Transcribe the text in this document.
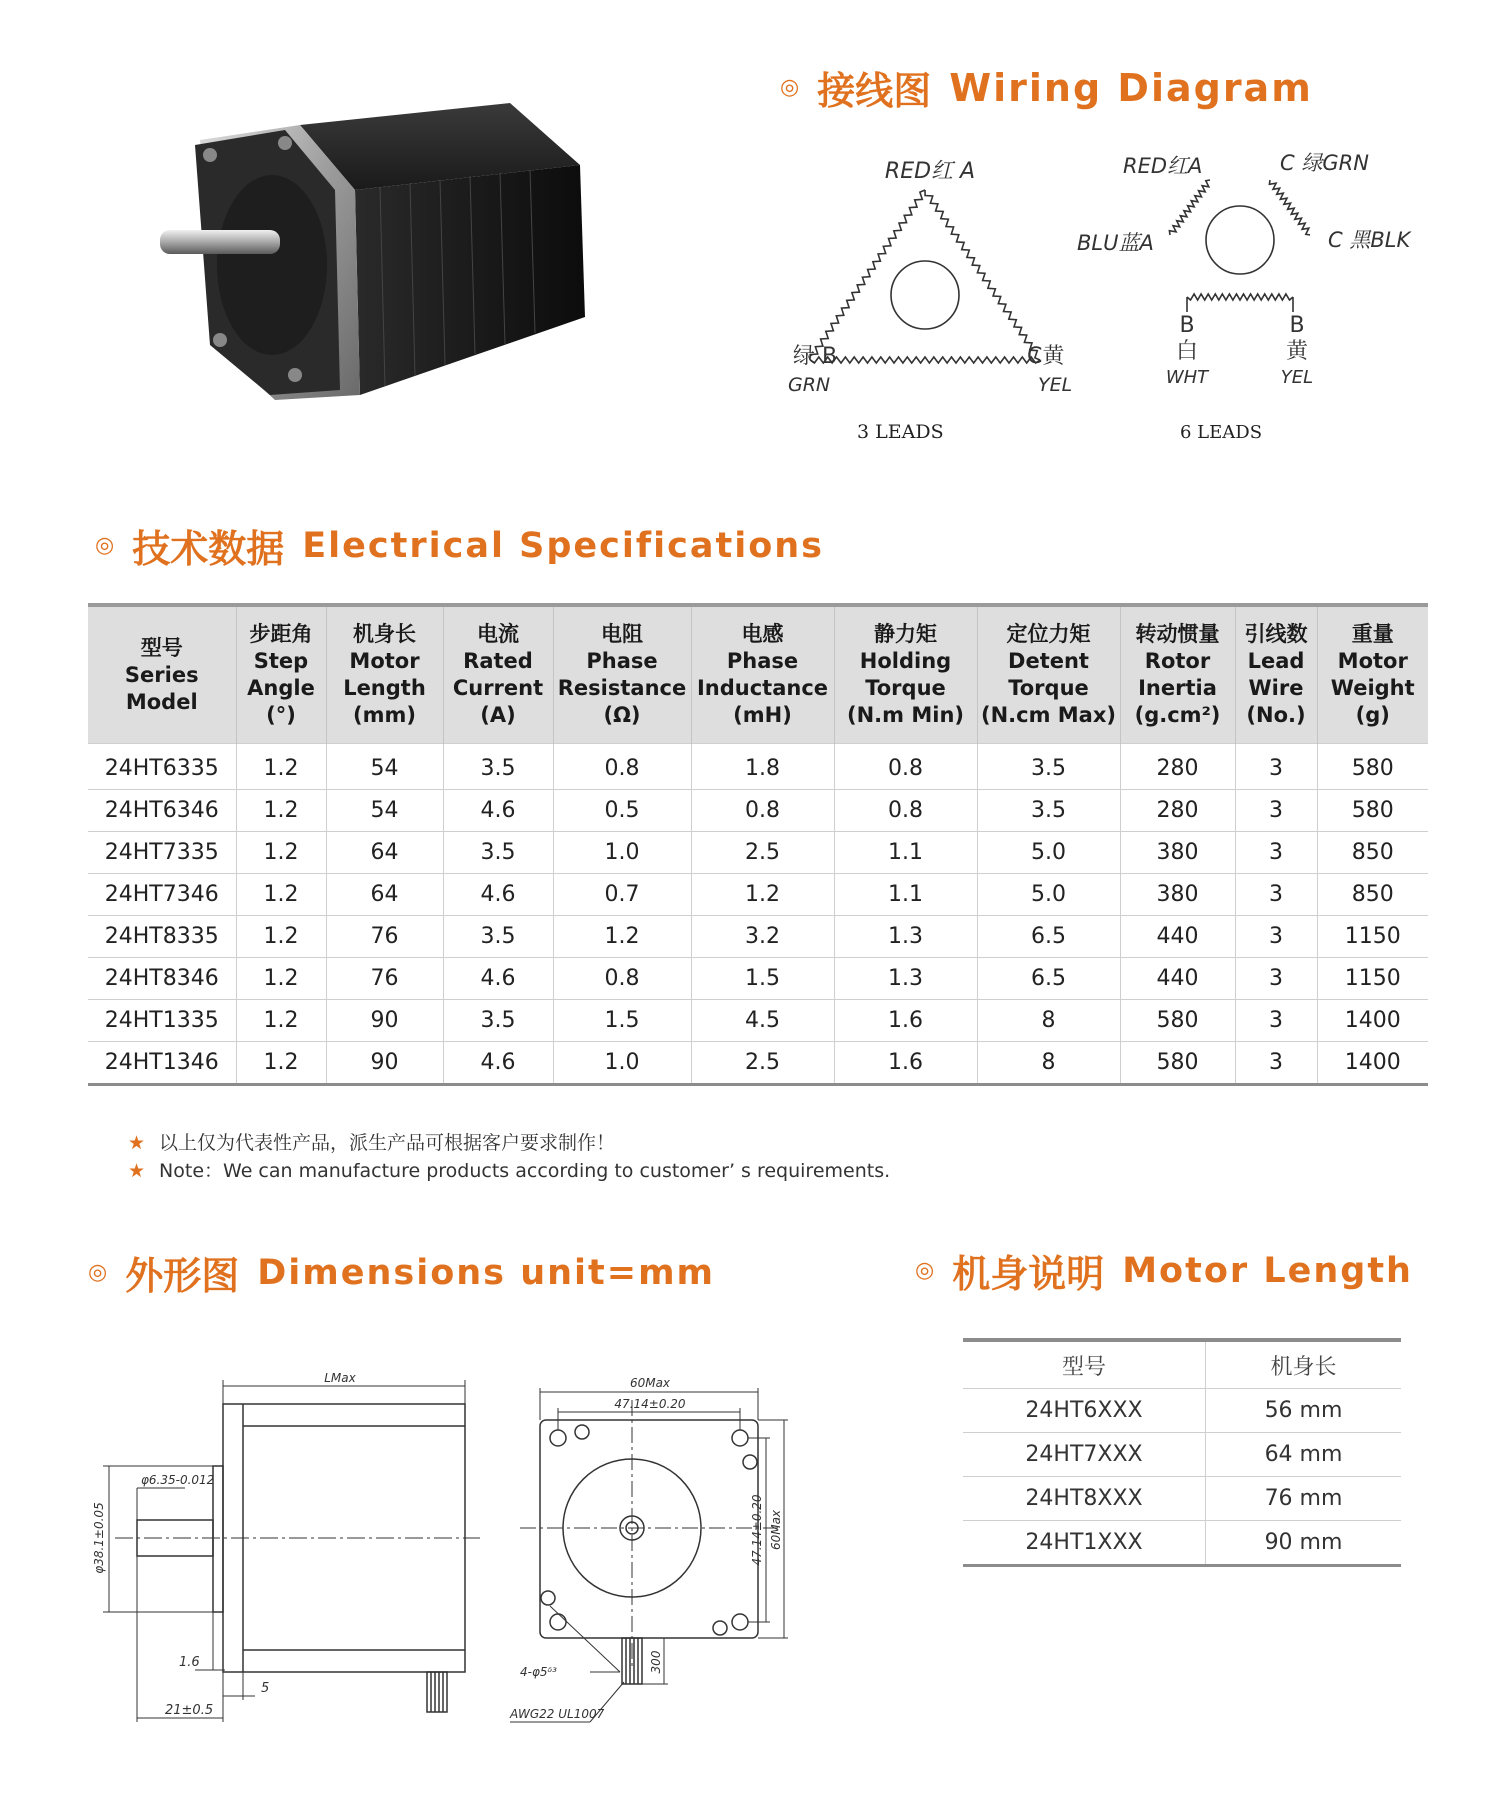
◎ 接线图 Wiring Diagram
RED红 A
绿 B
GRN
C黄
YEL
3 LEADS
RED红A	C 绿GRN
BLU蓝A	C 黑BLK
B
白
WHT
B
黄
YEL
6 LEADS
◎ 技术数据 Electrical Specifications
型号
Series
Model	步距角
Step
Angle
(°)	机身长
Motor
Length
(mm)	电流
Rated
Current
(A)	电阻
Phase
Resistance
(Ω)	电感
Phase
Inductance
(mH)	静力矩
Holding
Torque
(N.m Min)	定位力矩
Detent
Torque
(N.cm Max)	转动惯量
Rotor
Inertia
(g.cm²)	引线数
Lead
Wire
(No.)	重量
Motor
Weight
(g)

24HT6335	1.2	54	3.5	0.8	1.8	0.8	3.5	280	3	580
24HT6346	1.2	54	4.6	0.5	0.8	0.8	3.5	280	3	580
24HT7335	1.2	64	3.5	1.0	2.5	1.1	5.0	380	3	850
24HT7346	1.2	64	4.6	0.7	1.2	1.1	5.0	380	3	850
24HT8335	1.2	76	3.5	1.2	3.2	1.3	6.5	440	3	1150
24HT8346	1.2	76	4.6	0.8	1.5	1.3	6.5	440	3	1150
24HT1335	1.2	90	3.5	1.5	4.5	1.6	8	580	3	1400
24HT1346	1.2	90	4.6	1.0	2.5	1.6	8	580	3	1400
★ 以上仅为代表性产品，派生产品可根据客户要求制作！
★ Note：We can manufacture products according to customer’ s requirements.
◎ 外形图 Dimensions unit=mm
LMax
φ6.35-0.012
φ38.1±0.05
1.6
5
21±0.5
60Max
47.14±0.20
47.14±0.20 60Max
4-φ5ᵟ³	300
AWG22 UL1007
◎ 机身说明 Motor Length
型号	机身长
24HT6XXX	56 mm
24HT7XXX	64 mm
24HT8XXX	76 mm
24HT1XXX	90 mm
